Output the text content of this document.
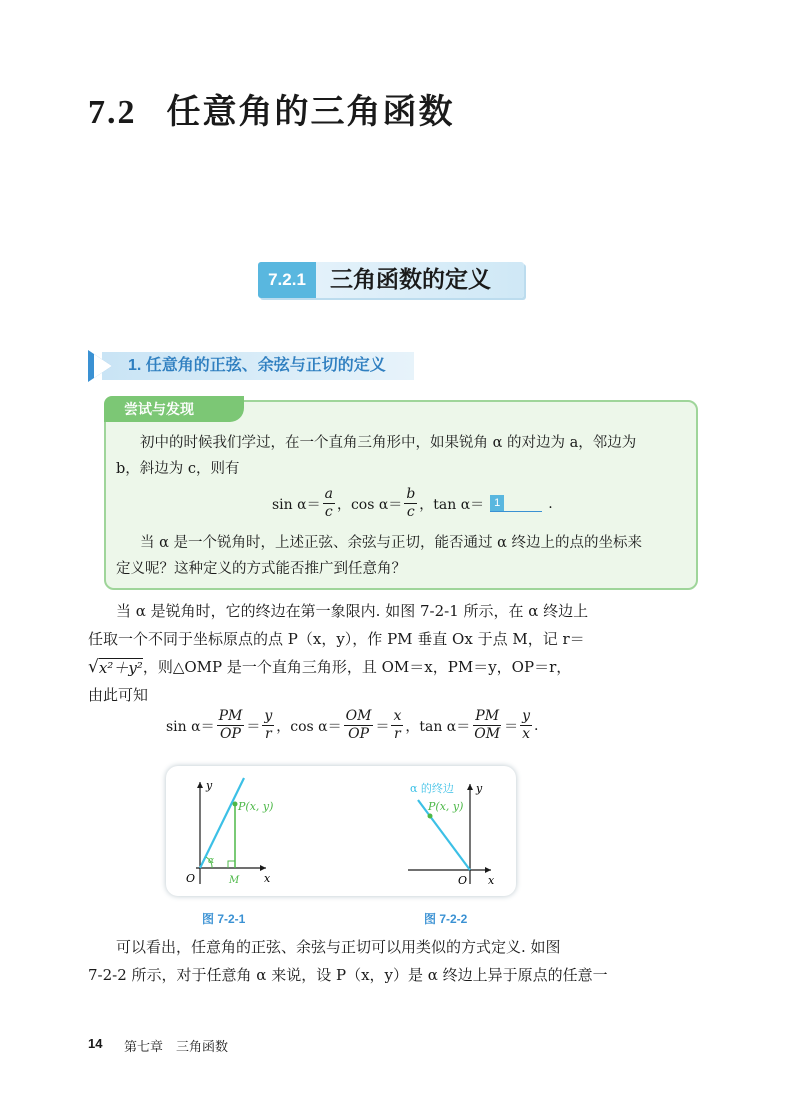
7.2 任意角的三角函数
7.2.1	三角函数的定义
1. 任意角的正弦、余弦与正切的定义
尝试与发现
初中的时候我们学过，在一个直角三角形中，如果锐角 α 的对边为 a，邻边为
b，斜边为 c，则有
$\sin \alpha= \frac{a}{c}$ ，$\cos \alpha= \frac{b}{c}$ ，tan α＝ 1	.
当 α 是一个锐角时，上述正弦、余弦与正切，能否通过 α 终边上的点的坐标来
定义呢？这种定义的方式能否推广到任意角？
当 α 是锐角时，它的终边在第一象限内. 如图 7-2-1 所示，在 α 终边上
任取一个不同于坐标原点的点 P（x，y），作 PM 垂直 Ox 于点 M，记 r＝
√ x²＋y² ，则△OMP 是一个直角三角形，且 OM＝x，PM＝y，OP＝r，
由此可知
$\sin \alpha= \frac{PM}{OP} = \frac{y}{r}$ ，$\cos \alpha= \frac{OM}{OP} = \frac{x}{r}$ ，$\tan \alpha= \frac{PM}{OM} = \frac{y}{x}$ .
y
x
O
P(x, y)
M
α
α 的终边
P(x, y)
y
x
O
图 7-2-1	图 7-2-2
可以看出，任意角的正弦、余弦与正切可以用类似的方式定义. 如图
7-2-2 所示，对于任意角 α 来说，设 P（x，y）是 α 终边上异于原点的任意一
14 第七章　三角函数
